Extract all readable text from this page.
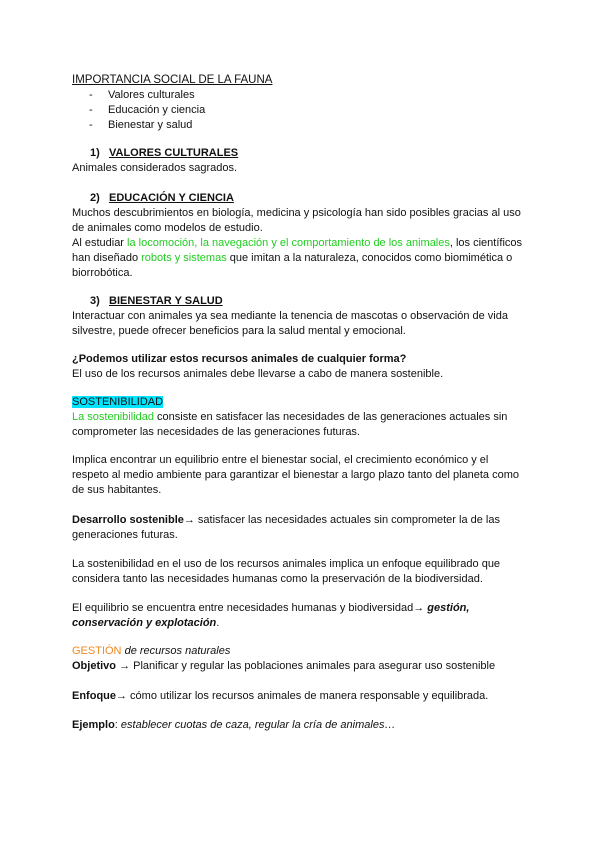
IMPORTANCIA SOCIAL DE LA FAUNA

- Valores culturales
- Educación y ciencia
- Bienestar y salud

1) VALORES CULTURALES

Animales considerados sagrados.

2) EDUCACIÓN Y CIENCIA

Muchos descubrimientos en biología, medicina y psicología han sido posibles gracias al uso
de animales como modelos de estudio.
Al estudiar la locomoción, la navegación y el comportamiento de los animales, los científicos
han diseñado robots y sistemas que imitan a la naturaleza, conocidos como biomimética o
biorrobótica.

3) BIENESTAR Y SALUD

Interactuar con animales ya sea mediante la tenencia de mascotas o observación de vida
silvestre, puede ofrecer beneficios para la salud mental y emocional.

¿Podemos utilizar estos recursos animales de cualquier forma?

El uso de los recursos animales debe llevarse a cabo de manera sostenible.

SOSTENIBILIDAD

La sostenibilidad consiste en satisfacer las necesidades de las generaciones actuales sin
comprometer las necesidades de las generaciones futuras.

Implica encontrar un equilibrio entre el bienestar social, el crecimiento económico y el
respeto al medio ambiente para garantizar el bienestar a largo plazo tanto del planeta como
de sus habitantes.

Desarrollo sostenible→ satisfacer las necesidades actuales sin comprometer la de las
generaciones futuras.

La sostenibilidad en el uso de los recursos animales implica un enfoque equilibrado que
considera tanto las necesidades humanas como la preservación de la biodiversidad.

El equilibrio se encuentra entre necesidades humanas y biodiversidad→ gestión,
conservación y explotación.

GESTIÓN de recursos naturales

Objetivo → Planificar y regular las poblaciones animales para asegurar uso sostenible

Enfoque→ cómo utilizar los recursos animales de manera responsable y equilibrada.

Ejemplo: establecer cuotas de caza, regular la cría de animales…
